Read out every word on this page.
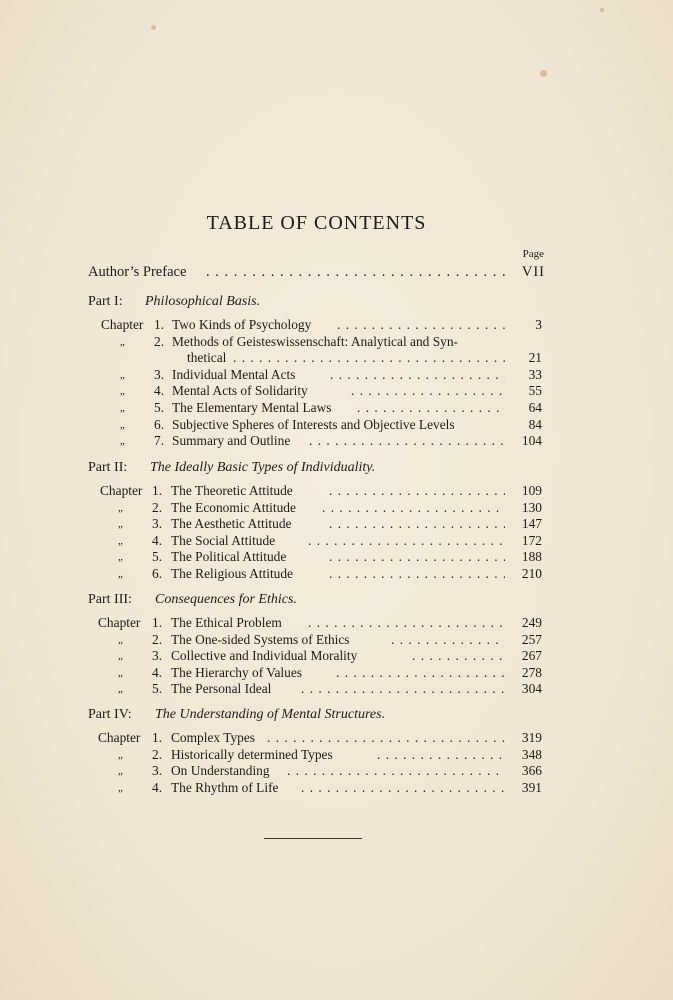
TABLE OF CONTENTS
Page
Author’s Preface . . .	VII
Part I: Philosophical Basis.
Chapter 1. Two Kinds of Psychology . . .	3
„ 2. Methods of Geisteswissenschaft: Analytical and Syn-
thetical . . .	21
„ 3. Individual Mental Acts . . .	33
„ 4. Mental Acts of Solidarity . . .	55
„ 5. The Elementary Mental Laws . . .	64
„ 6. Subjective Spheres of Interests and Objective Levels	84
„ 7. Summary and Outline . . .	104
Part II: The Ideally Basic Types of Individuality.
Chapter 1. The Theoretic Attitude . . .	109
„ 2. The Economic Attitude . . .	130
„ 3. The Aesthetic Attitude . . .	147
„ 4. The Social Attitude . . .	172
„ 5. The Political Attitude . . .	188
„ 6. The Religious Attitude . . .	210
Part III: Consequences for Ethics.
Chapter 1. The Ethical Problem . . .	249
„ 2. The One-sided Systems of Ethics . . .	257
„ 3. Collective and Individual Morality . . .	267
„ 4. The Hierarchy of Values . . .	278
„ 5. The Personal Ideal . . .	304
Part IV: The Understanding of Mental Structures.
Chapter 1. Complex Types . . .	319
„ 2. Historically determined Types . . .	348
„ 3. On Understanding . . .	366
„ 4. The Rhythm of Life . . .	391
